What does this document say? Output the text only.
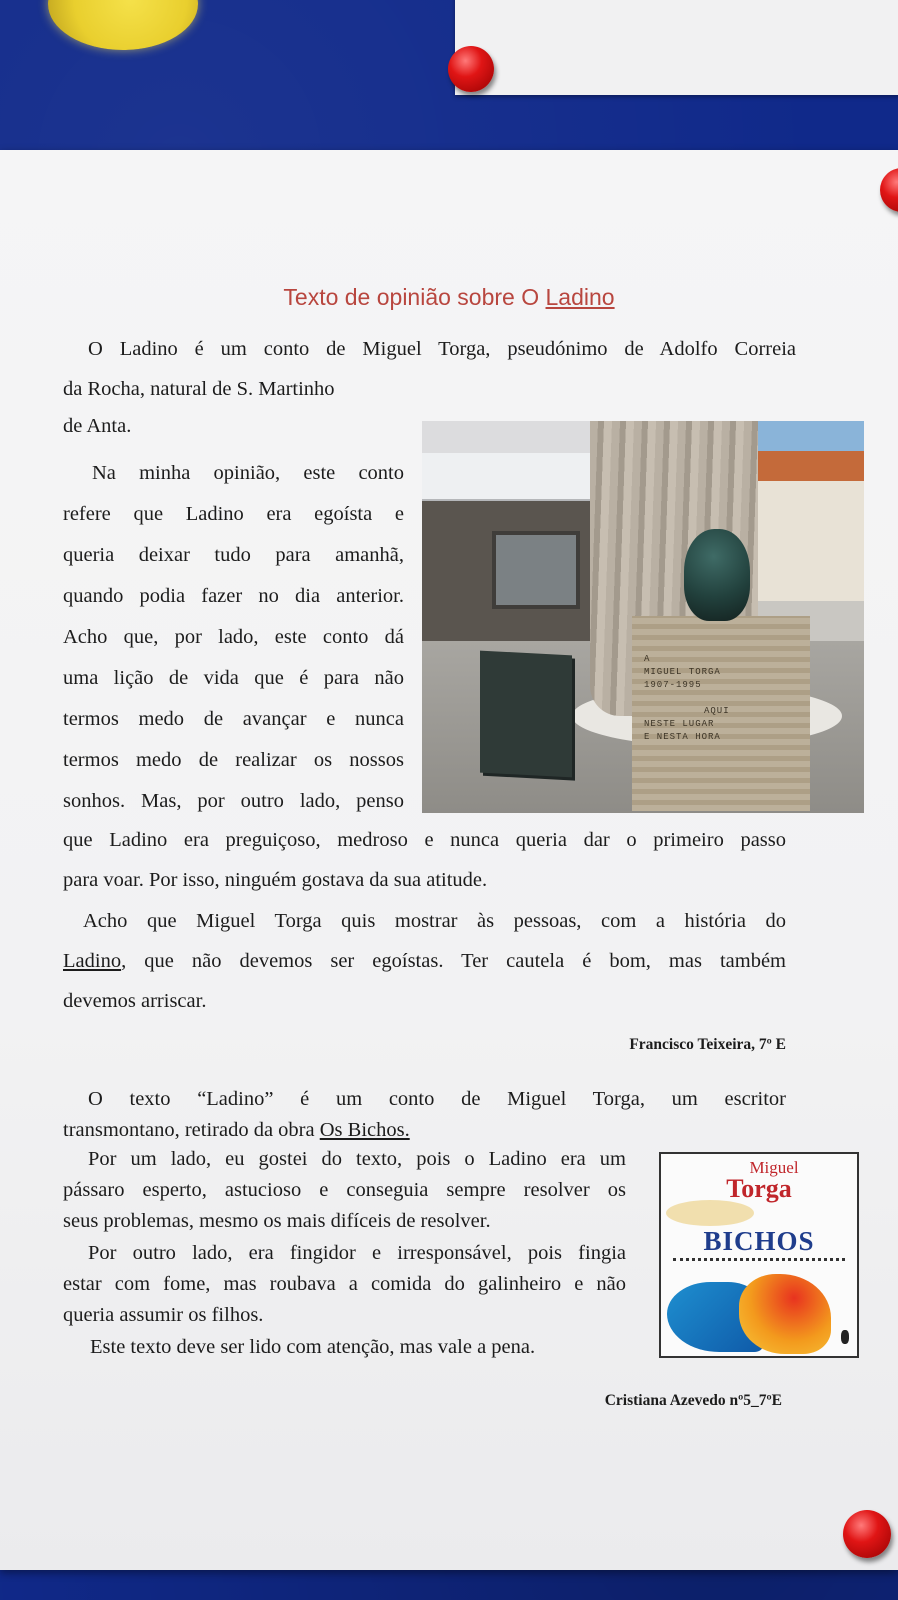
Texto de opinião sobre O Ladino
O Ladino é um conto de Miguel Torga, pseudónimo de Adolfo Correia
da Rocha, natural de S. Martinho
de Anta.
Na minha opinião, este conto
refere que Ladino era egoísta e
queria deixar tudo para amanhã,
quando podia fazer no dia anterior.
Acho que, por lado, este conto dá
uma lição de vida que é para não
termos medo de avançar e nunca
termos medo de realizar os nossos
sonhos. Mas, por outro lado, penso
que Ladino era preguiçoso, medroso e nunca queria dar o primeiro passo
para voar. Por isso, ninguém gostava da sua atitude.
Acho que Miguel Torga quis mostrar às pessoas, com a história do
Ladino, que não devemos ser egoístas. Ter cautela é bom, mas também
devemos arriscar.
Francisco Teixeira, 7º E
O texto “Ladino” é um conto de Miguel Torga, um escritor
transmontano, retirado da obra Os Bichos.
Por um lado, eu gostei do texto, pois o Ladino era um
pássaro esperto, astucioso e conseguia sempre resolver os
seus problemas, mesmo os mais difíceis de resolver.
Por outro lado, era fingidor e irresponsável, pois fingia
estar com fome, mas roubava a comida do galinheiro e não
queria assumir os filhos.
Este texto deve ser lido com atenção, mas vale a pena.
Cristiana Azevedo nº5_7ºE
A
MIGUEL TORGA
1907-1995
AQUI
NESTE LUGAR
E NESTA HORA
Miguel
Torga
BICHOS
